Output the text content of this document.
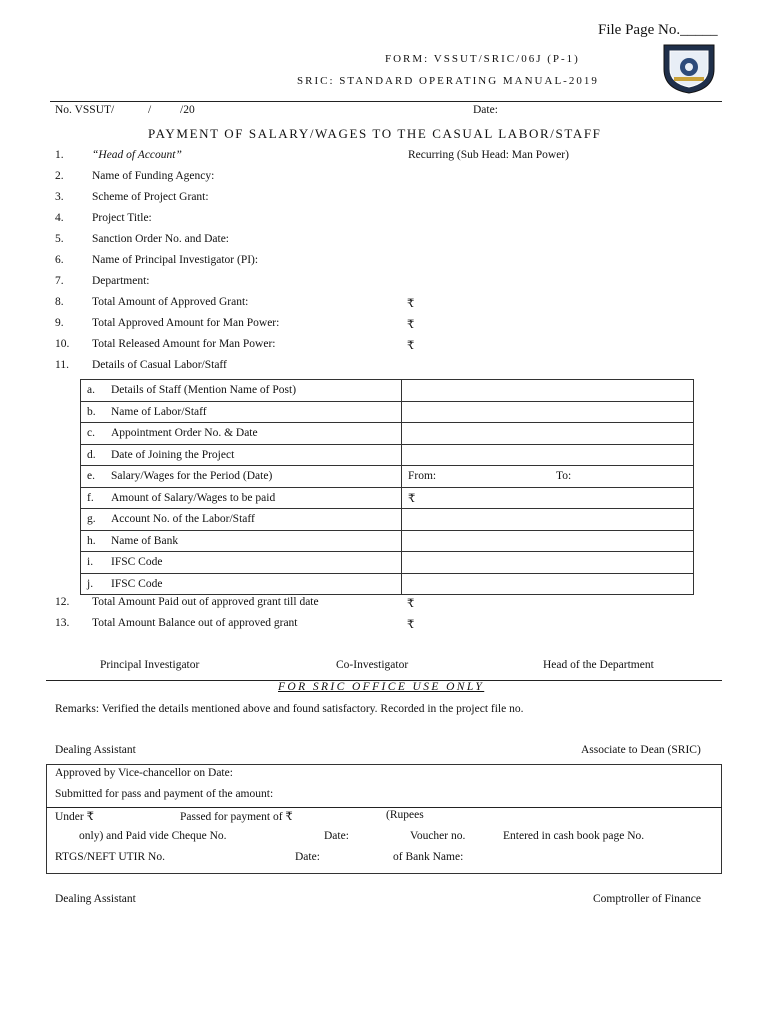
File Page No._____
FORM: VSSUT/SRIC/06J (P-1)
SRIC: STANDARD OPERATING MANUAL-2019
No. VSSUT/	/	/20	Date:
PAYMENT OF SALARY/WAGES TO THE CASUAL LABOR/STAFF
1. “Head of Account”	Recurring (Sub Head: Man Power)
2. Name of Funding Agency:
3. Scheme of Project Grant:
4. Project Title:
5. Sanction Order No. and Date:
6. Name of Principal Investigator (PI):
7. Department:
8. Total Amount of Approved Grant:	₹
9. Total Approved Amount for Man Power:	₹
10. Total Released Amount for Man Power:	₹
11. Details of Casual Labor/Staff
a. Details of Staff (Mention Name of Post)	
b. Name of Labor/Staff	
c. Appointment Order No. & Date	
d. Date of Joining the Project	
e. Salary/Wages for the Period (Date)	From: To:
f. Amount of Salary/Wages to be paid	₹
g. Account No. of the Labor/Staff	
h. Name of Bank	
i. IFSC Code	
j. IFSC Code	
12. Total Amount Paid out of approved grant till date	₹
13. Total Amount Balance out of approved grant	₹
Principal Investigator	Co-Investigator	Head of the Department
FOR SRIC OFFICE USE ONLY
Remarks: Verified the details mentioned above and found satisfactory. Recorded in the project file no.
Dealing Assistant	Associate to Dean (SRIC)
Approved by Vice-chancellor on Date:
Submitted for pass and payment of the amount:
Under ₹	Passed for payment of ₹	(Rupees
only) and Paid vide Cheque No.	Date:	Voucher no.	Entered in cash book page No.
RTGS/NEFT UTIR No.	Date:	of Bank Name:
Dealing Assistant	Comptroller of Finance
